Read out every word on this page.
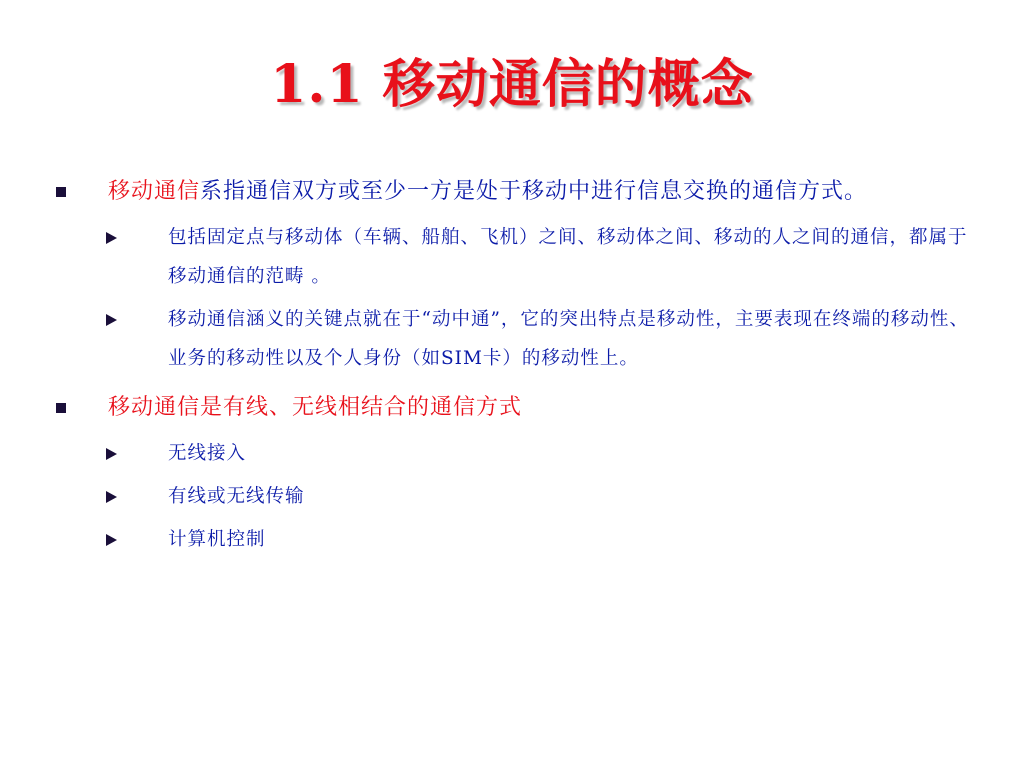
1.1 移动通信的概念
移动通信系指通信双方或至少一方是处于移动中进行信息交换的通信方式。
包括固定点与移动体（车辆、船舶、飞机）之间、移动体之间、移动的人之间的通信，都属于移动通信的范畴 。
移动通信涵义的关键点就在于“动中通”，它的突出特点是移动性，主要表现在终端的移动性、业务的移动性以及个人身份（如SIM卡）的移动性上。
移动通信是有线、无线相结合的通信方式
无线接入
有线或无线传输
计算机控制
